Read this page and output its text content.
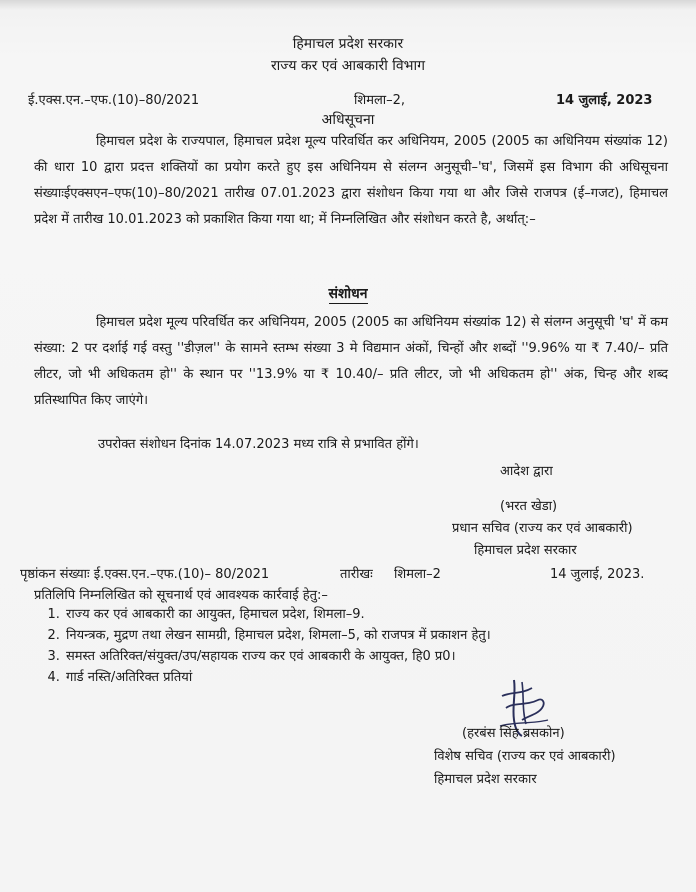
हिमाचल प्रदेश सरकार
राज्य कर एवं आबकारी विभाग
ई.एक्स.एन.–एफ.(10)–80/2021	शिमला–2,	14 जुलाई, 2023
अधिसूचना
हिमाचल प्रदेश के राज्यपाल, हिमाचल प्रदेश मूल्य परिवर्धित कर अधिनियम, 2005 (2005 का अधिनियम संख्यांक 12) की धारा 10 द्वारा प्रदत्त शक्तियों का प्रयोग करते हुए इस अधिनियम से संलग्न अनुसूची–'घ', जिसमें इस विभाग की अधिसूचना संख्याःईएक्सएन–एफ(10)–80/2021 तारीख 07.01.2023 द्वारा संशोधन किया गया था और जिसे राजपत्र (ई–गजट), हिमाचल प्रदेश में तारीख 10.01.2023 को प्रकाशित किया गया था; में निम्नलिखित और संशोधन करते है, अर्थात्:–
संशोधन
हिमाचल प्रदेश मूल्य परिवर्धित कर अधिनियम, 2005 (2005 का अधिनियम संख्यांक 12) से संलग्न अनुसूची 'घ' में कम संख्या: 2 पर दर्शाई गई वस्तु ''डीज़ल'' के सामने स्तम्भ संख्या 3 मे विद्यमान अंकों, चिन्हों और शब्दों ''9.96% या ₹ 7.40/– प्रति लीटर, जो भी अधिकतम हो'' के स्थान पर ''13.9% या ₹ 10.40/– प्रति लीटर, जो भी अधिकतम हो'' अंक, चिन्ह और शब्द प्रतिस्थापित किए जाएंगे।
उपरोक्त संशोधन दिनांक 14.07.2023 मध्य रात्रि से प्रभावित होंगे।
आदेश द्वारा
(भरत खेडा)
प्रधान सचिव (राज्य कर एवं आबकारी)
हिमाचल प्रदेश सरकार
पृष्ठांकन संख्याः ई.एक्स.एन.–एफ.(10)– 80/2021	तारीखः शिमला–2	14 जुलाई, 2023.
प्रतिलिपि निम्नलिखित को सूचनार्थ एवं आवश्यक कार्रवाई हेतु:–
1. राज्य कर एवं आबकारी का आयुक्त, हिमाचल प्रदेश, शिमला–9.
2. नियन्त्रक, मुद्रण तथा लेखन सामग्री, हिमाचल प्रदेश, शिमला–5, को राजपत्र में प्रकाशन हेतु।
3. समस्त अतिरिक्त/संयुक्त/उप/सहायक राज्य कर एवं आबकारी के आयुक्त, हि0 प्र0।
4. गार्ड नस्ति/अतिरिक्त प्रतियां
(हरबंस सिंह ब्रसकोन)
विशेष सचिव (राज्य कर एवं आबकारी)
हिमाचल प्रदेश सरकार
